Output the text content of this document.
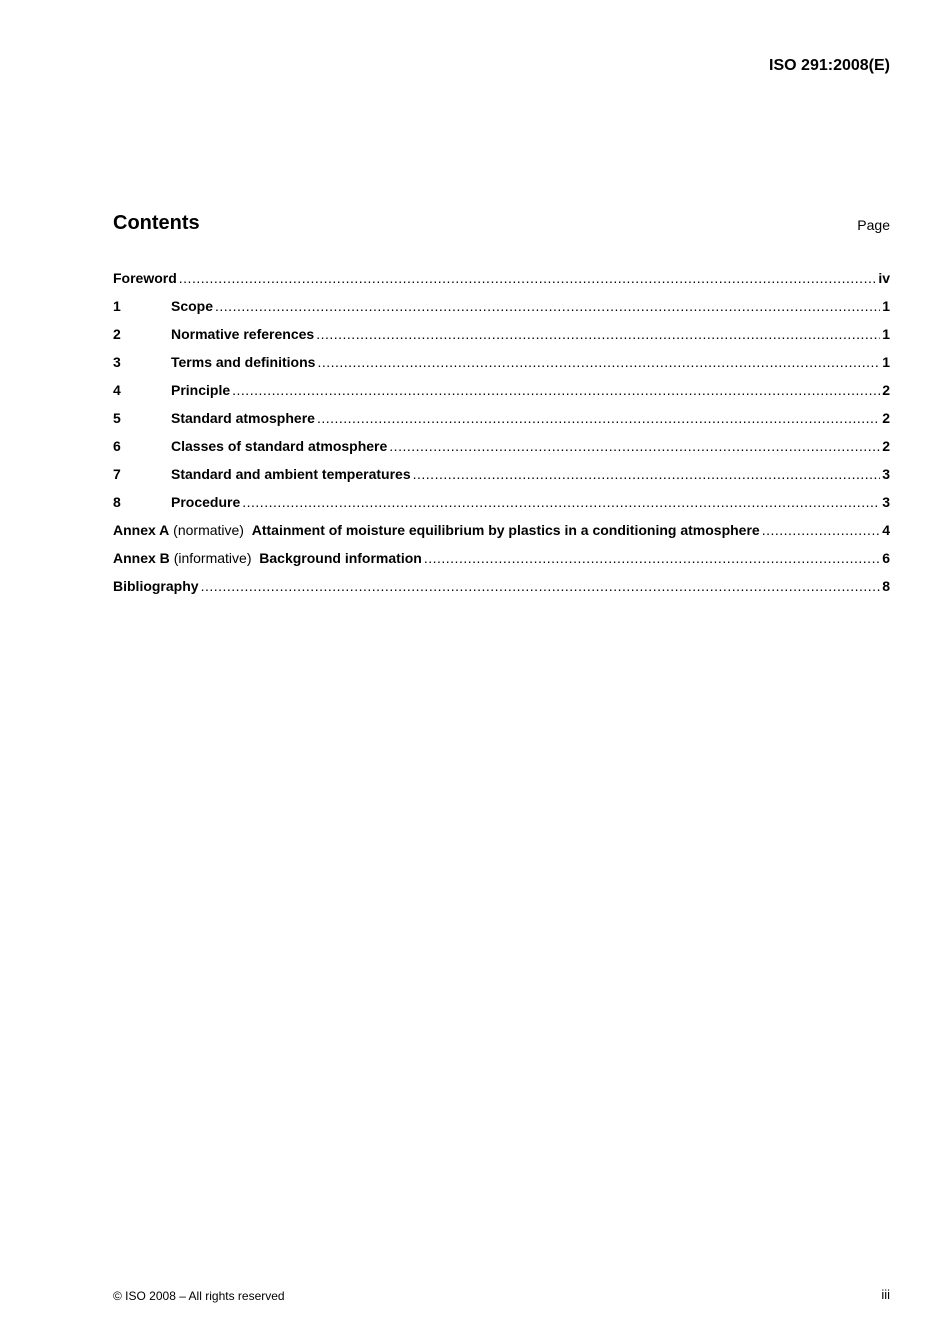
ISO 291:2008(E)
Contents	Page
Foreword .....	iv
1	Scope .....	1
2	Normative references .....	1
3	Terms and definitions .....	1
4	Principle .....	2
5	Standard atmosphere .....	2
6	Classes of standard atmosphere .....	2
7	Standard and ambient temperatures .....	3
8	Procedure .....	3
Annex A (normative) Attainment of moisture equilibrium by plastics in a conditioning atmosphere .....	4
Annex B (informative) Background information .....	6
Bibliography .....	8
© ISO 2008 – All rights reserved	iii
